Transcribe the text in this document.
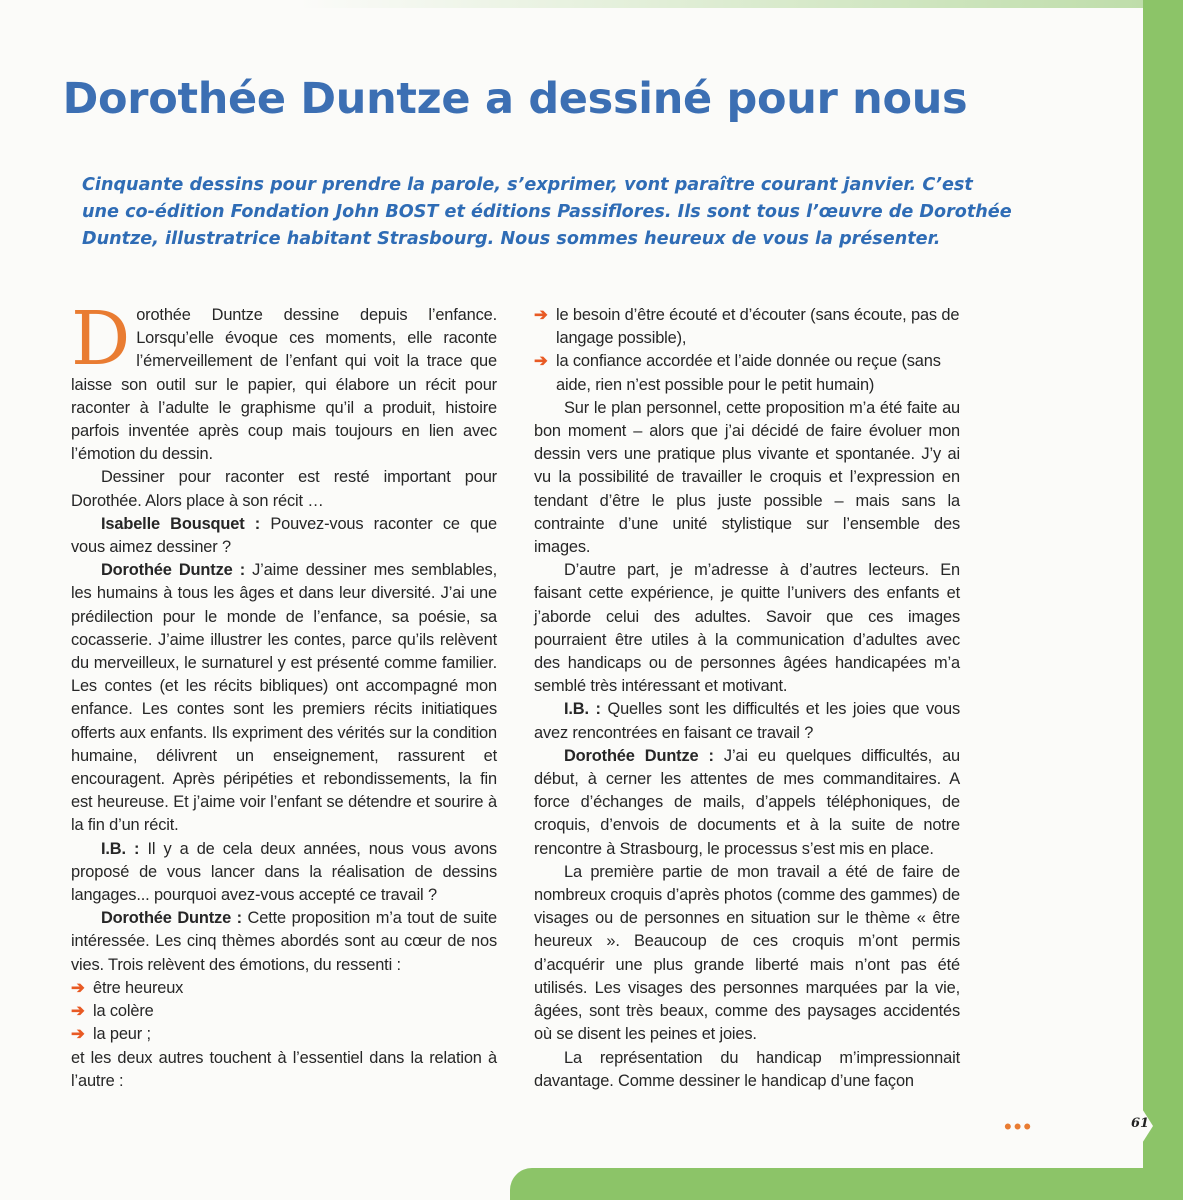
Dorothée Duntze a dessiné pour nous

Cinquante dessins pour prendre la parole, s’exprimer, vont paraître courant janvier. C’est une co-édition Fondation John BOST et éditions Passiflores. Ils sont tous l’œuvre de Dorothée Duntze, illustratrice habitant Strasbourg. Nous sommes heureux de vous la présenter.

Dorothée Duntze dessine depuis l’enfance. Lorsqu’elle évoque ces moments, elle raconte l’émerveillement de l’enfant qui voit la trace que laisse son outil sur le papier, qui élabore un récit pour raconter à l’adulte le graphisme qu’il a produit, histoire parfois inventée après coup mais toujours en lien avec l’émotion du dessin.

Dessiner pour raconter est resté important pour Dorothée. Alors place à son récit …

Isabelle Bousquet : Pouvez-vous raconter ce que vous aimez dessiner ?

Dorothée Duntze : J’aime dessiner mes semblables, les humains à tous les âges et dans leur diversité. J’ai une prédilection pour le monde de l’enfance, sa poésie, sa cocasserie. J’aime illustrer les contes, parce qu’ils relèvent du merveilleux, le surnaturel y est présenté comme familier. Les contes (et les récits bibliques) ont accompagné mon enfance. Les contes sont les premiers récits initiatiques offerts aux enfants. Ils expriment des vérités sur la condition humaine, délivrent un enseignement, rassurent et encouragent. Après péripéties et rebondissements, la fin est heureuse. Et j’aime voir l’enfant se détendre et sourire à la fin d’un récit.

I.B. : Il y a de cela deux années, nous vous avons proposé de vous lancer dans la réalisation de dessins langages... pourquoi avez-vous accepté ce travail ?

Dorothée Duntze : Cette proposition m’a tout de suite intéressée. Les cinq thèmes abordés sont au cœur de nos vies. Trois relèvent des émotions, du ressenti :

➔ être heureux

➔ la colère

➔ la peur ;

et les deux autres touchent à l’essentiel dans la relation à l’autre :

➔ le besoin d’être écouté et d’écouter (sans écoute, pas de langage possible),

➔ la confiance accordée et l’aide donnée ou reçue (sans aide, rien n’est possible pour le petit humain)

Sur le plan personnel, cette proposition m’a été faite au bon moment – alors que j’ai décidé de faire évoluer mon dessin vers une pratique plus vivante et spontanée. J’y ai vu la possibilité de travailler le croquis et l’expression en tendant d’être le plus juste possible – mais sans la contrainte d’une unité stylistique sur l’ensemble des images.

D’autre part, je m’adresse à d’autres lecteurs. En faisant cette expérience, je quitte l’univers des enfants et j’aborde celui des adultes. Savoir que ces images pourraient être utiles à la communication d’adultes avec des handicaps ou de personnes âgées handicapées m’a semblé très intéressant et motivant.

I.B. : Quelles sont les difficultés et les joies que vous avez rencontrées en faisant ce travail ?

Dorothée Duntze : J’ai eu quelques difficultés, au début, à cerner les attentes de mes commanditaires. A force d’échanges de mails, d’appels téléphoniques, de croquis, d’envois de documents et à la suite de notre rencontre à Strasbourg, le processus s’est mis en place.

La première partie de mon travail a été de faire de nombreux croquis d’après photos (comme des gammes) de visages ou de personnes en situation sur le thème « être heureux ». Beaucoup de ces croquis m’ont permis d’acquérir une plus grande liberté mais n’ont pas été utilisés. Les visages des personnes marquées par la vie, âgées, sont très beaux, comme des paysages accidentés où se disent les peines et joies.

La représentation du handicap m’impressionnait davantage. Comme dessiner le handicap d’une façon

•••	61
